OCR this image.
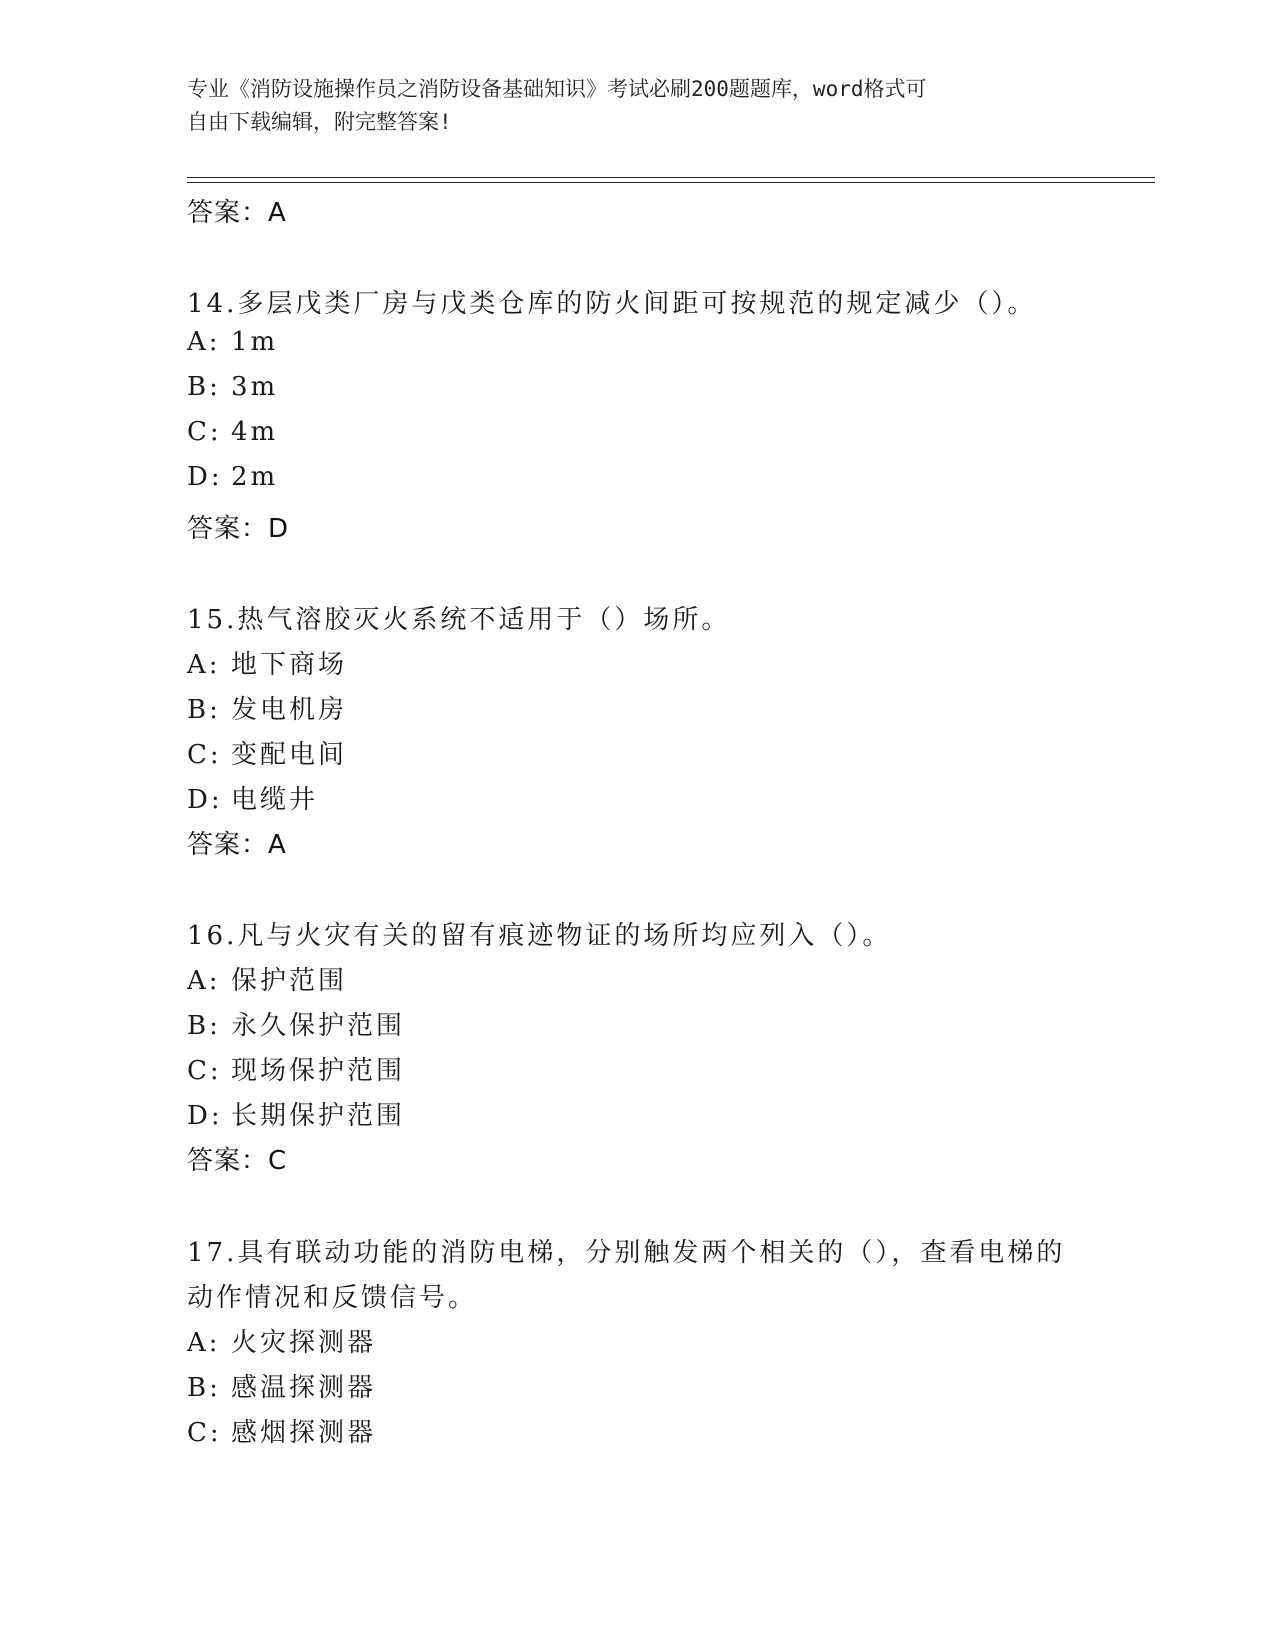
专业《消防设施操作员之消防设备基础知识》考试必刷200题题库，word格式可
自由下载编辑，附完整答案!
答案：A
14.多层戊类厂房与戊类仓库的防火间距可按规范的规定减少（）。
A: 1m
B: 3m
C: 4m
D: 2m
答案：D
15.热气溶胶灭火系统不适用于（）场所。
A: 地下商场
B: 发电机房
C: 变配电间
D: 电缆井
答案：A
16.凡与火灾有关的留有痕迹物证的场所均应列入（）。
A: 保护范围
B: 永久保护范围
C: 现场保护范围
D: 长期保护范围
答案：C
17.具有联动功能的消防电梯，分别触发两个相关的（），查看电梯的
动作情况和反馈信号。
A: 火灾探测器
B: 感温探测器
C: 感烟探测器
